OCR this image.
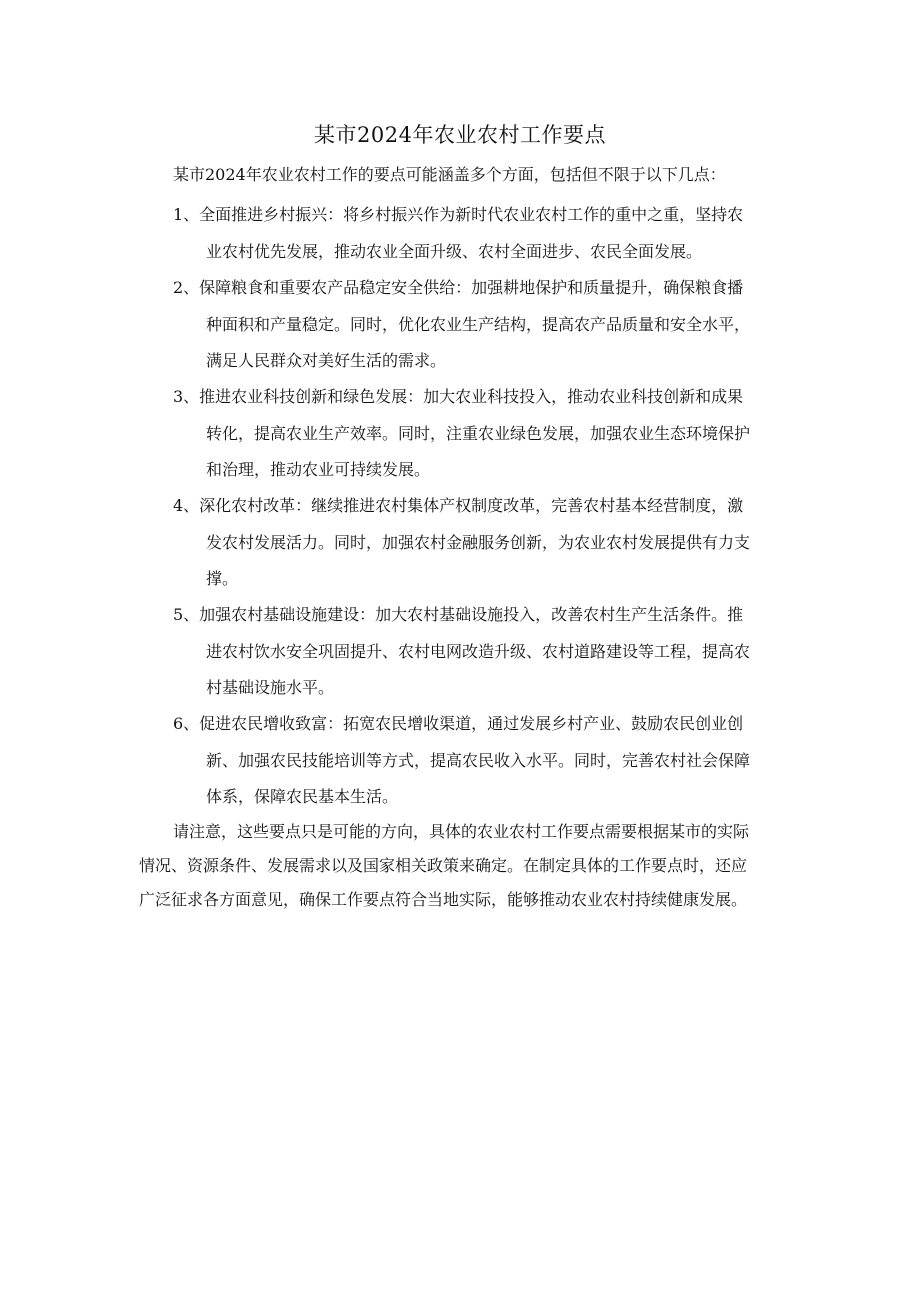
某市2024年农业农村工作要点
某市2024年农业农村工作的要点可能涵盖多个方面，包括但不限于以下几点：
1、全面推进乡村振兴：将乡村振兴作为新时代农业农村工作的重中之重，坚持农
业农村优先发展，推动农业全面升级、农村全面进步、农民全面发展。
2、保障粮食和重要农产品稳定安全供给：加强耕地保护和质量提升，确保粮食播
种面积和产量稳定。同时，优化农业生产结构，提高农产品质量和安全水平，
满足人民群众对美好生活的需求。
3、推进农业科技创新和绿色发展：加大农业科技投入，推动农业科技创新和成果
转化，提高农业生产效率。同时，注重农业绿色发展，加强农业生态环境保护
和治理，推动农业可持续发展。
4、深化农村改革：继续推进农村集体产权制度改革，完善农村基本经营制度，激
发农村发展活力。同时，加强农村金融服务创新，为农业农村发展提供有力支
撑。
5、加强农村基础设施建设：加大农村基础设施投入，改善农村生产生活条件。推
进农村饮水安全巩固提升、农村电网改造升级、农村道路建设等工程，提高农
村基础设施水平。
6、促进农民增收致富：拓宽农民增收渠道，通过发展乡村产业、鼓励农民创业创
新、加强农民技能培训等方式，提高农民收入水平。同时，完善农村社会保障
体系，保障农民基本生活。
请注意，这些要点只是可能的方向，具体的农业农村工作要点需要根据某市的实际
情况、资源条件、发展需求以及国家相关政策来确定。在制定具体的工作要点时，还应
广泛征求各方面意见，确保工作要点符合当地实际，能够推动农业农村持续健康发展。
